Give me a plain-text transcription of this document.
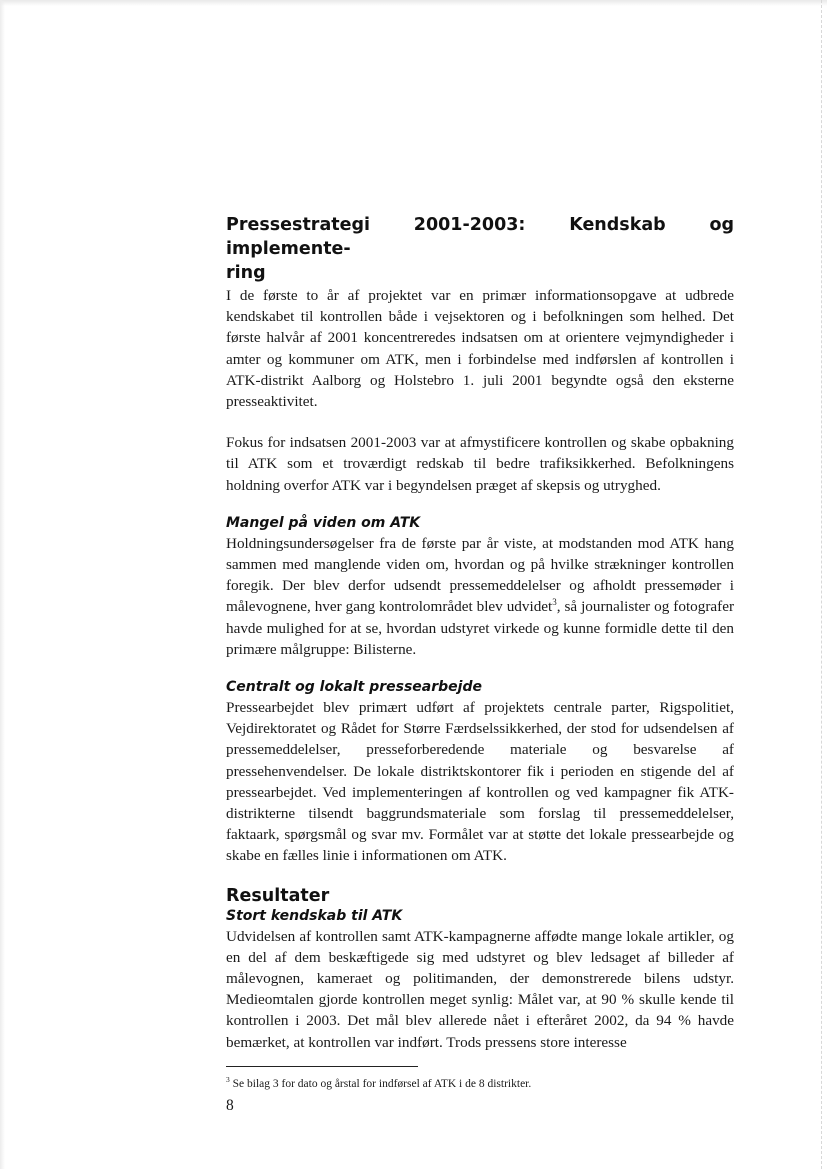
Pressestrategi 2001-2003: Kendskab og implemente-
ring

I de første to år af projektet var en primær informationsopgave at udbrede kendskabet til kontrollen både i vejsektoren og i befolkningen som helhed. Det første halvår af 2001 koncentreredes indsatsen om at orientere vejmyndigheder i amter og kommuner om ATK, men i forbindelse med indførslen af kontrollen i ATK-distrikt Aalborg og Holstebro 1. juli 2001 begyndte også den eksterne presseaktivitet.

Fokus for indsatsen 2001-2003 var at afmystificere kontrollen og skabe opbakning til ATK som et troværdigt redskab til bedre trafiksikkerhed. Befolkningens holdning overfor ATK var i begyndelsen præget af skepsis og utryghed.

Mangel på viden om ATK

Holdningsundersøgelser fra de første par år viste, at modstanden mod ATK hang sammen med manglende viden om, hvordan og på hvilke strækninger kontrollen foregik. Der blev derfor udsendt pressemeddelelser og afholdt pressemøder i målevognene, hver gang kontrolområdet blev udvidet$^3$, så journalister og fotografer havde mulighed for at se, hvordan udstyret virkede og kunne formidle dette til den primære målgruppe: Bilisterne.

Centralt og lokalt pressearbejde

Pressearbejdet blev primært udført af projektets centrale parter, Rigspolitiet, Vejdirektoratet og Rådet for Større Færdselssikkerhed, der stod for udsendelsen af pressemeddelelser, presseforberedende materiale og besvarelse af pressehenvendelser. De lokale distriktskontorer fik i perioden en stigende del af pressearbejdet. Ved implementeringen af kontrollen og ved kampagner fik ATK-distrikterne tilsendt baggrundsmateriale som forslag til pressemeddelelser, faktaark, spørgsmål og svar mv. Formålet var at støtte det lokale pressearbejde og skabe en fælles linie i informationen om ATK.

Resultater
Stort kendskab til ATK

Udvidelsen af kontrollen samt ATK-kampagnerne affødte mange lokale artikler, og en del af dem beskæftigede sig med udstyret og blev ledsaget af billeder af målevognen, kameraet og politimanden, der demonstrerede bilens udstyr. Medieomtalen gjorde kontrollen meget synlig: Målet var, at 90 % skulle kende til kontrollen i 2003. Det mål blev allerede nået i efteråret 2002, da 94 % havde bemærket, at kontrollen var indført. Trods pressens store interesse

$^3$ Se bilag 3 for dato og årstal for indførsel af ATK i de 8 distrikter.

8
